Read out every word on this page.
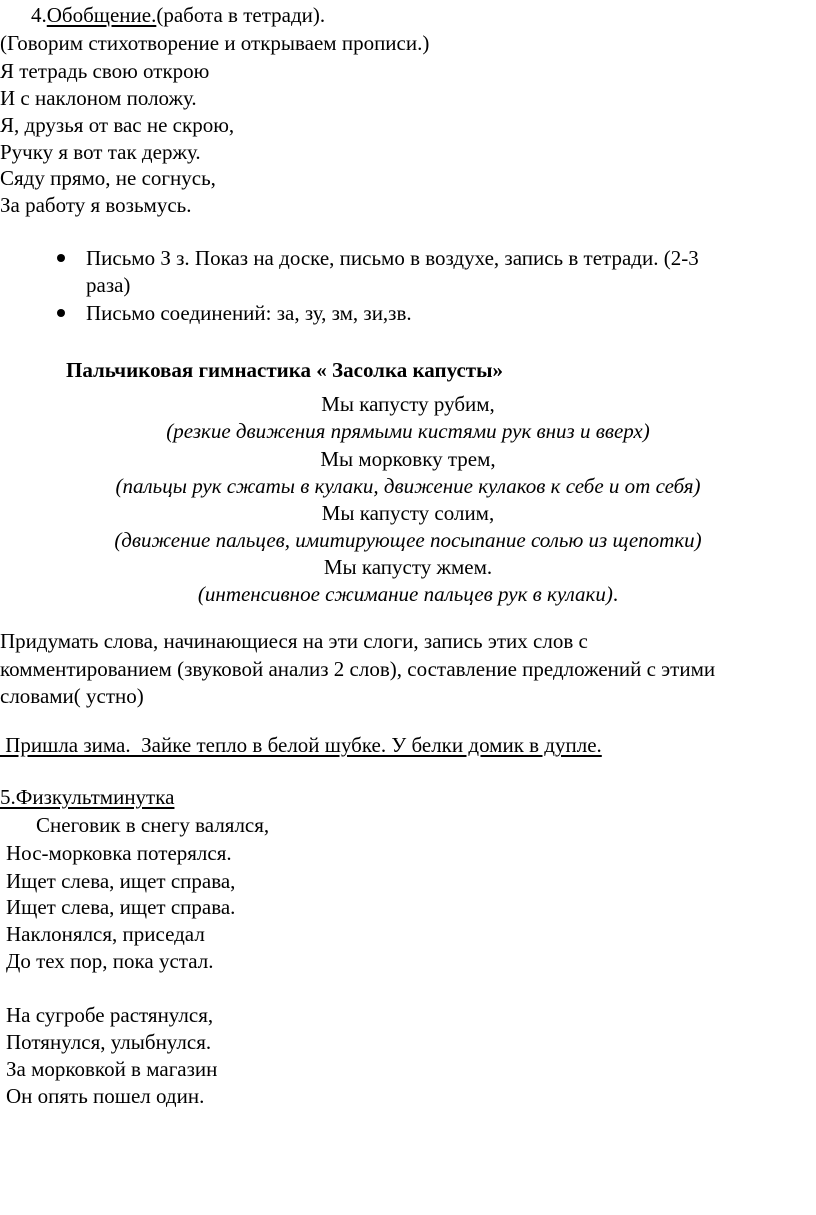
4.Обобщение.(работа в тетради).
(Говорим стихотворение и открываем прописи.)
Я тетрадь свою открою
И с наклоном положу.
Я, друзья от вас не скрою,
Ручку я вот так держу.
Сяду прямо, не согнусь,
За работу я возьмусь.
Письмо З з. Показ на доске, письмо в воздухе, запись в тетради. (2-3
раза)
Письмо соединений: за, зу, зм, зи,зв.
Пальчиковая гимнастика « Засолка капусты»
Мы капусту рубим,
(резкие движения прямыми кистями рук вниз и вверх)
Мы морковку трем,
(пальцы рук сжаты в кулаки, движение кулаков к себе и от себя)
Мы капусту солим,
(движение пальцев, имитирующее посыпание солью из щепотки)
Мы капусту жмем.
(интенсивное сжимание пальцев рук в кулаки).
Придумать слова, начинающиеся на эти слоги, запись этих слов с
комментированием (звуковой анализ 2 слов), составление предложений с этими
словами( устно)
Пришла зима.  Зайке тепло в белой шубке. У белки домик в дупле.
5.Физкультминутка
Снеговик в снегу валялся,
Нос-морковка потерялся.
Ищет слева, ищет справа,
Ищет слева, ищет справа.
Наклонялся, приседал
До тех пор, пока устал.
На сугробе растянулся,
Потянулся, улыбнулся.
За морковкой в магазин
Он опять пошел один.
